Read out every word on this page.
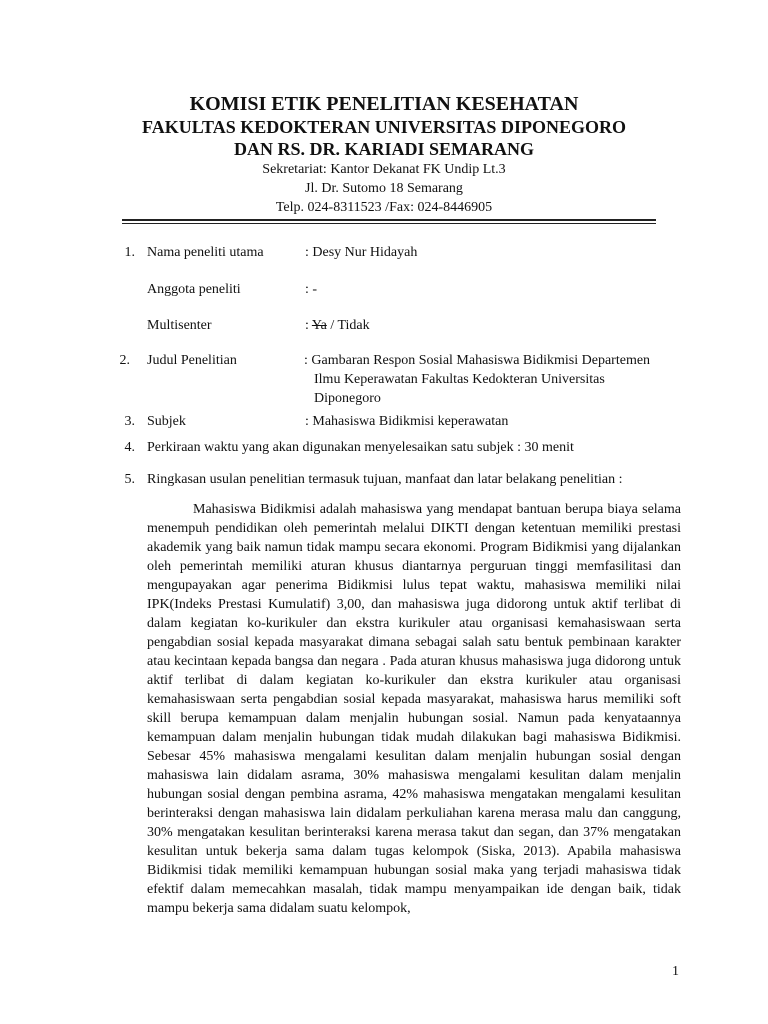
KOMISI ETIK PENELITIAN KESEHATAN
FAKULTAS KEDOKTERAN UNIVERSITAS DIPONEGORO
DAN RS. DR. KARIADI SEMARANG
Sekretariat: Kantor Dekanat FK Undip Lt.3
Jl. Dr. Sutomo 18 Semarang
Telp. 024-8311523 /Fax: 024-8446905
1. Nama peneliti utama	: Desy Nur Hidayah
Anggota peneliti	: -
Multisenter	: Ya / Tidak
2. Judul Penelitian	: Gambaran Respon Sosial Mahasiswa Bidikmisi Departemen
Ilmu Keperawatan Fakultas Kedokteran Universitas
Diponegoro
3. Subjek	: Mahasiswa Bidikmisi keperawatan
4. Perkiraan waktu yang akan digunakan menyelesaikan satu subjek : 30 menit
5. Ringkasan usulan penelitian termasuk tujuan, manfaat dan latar belakang penelitian :
Mahasiswa Bidikmisi adalah mahasiswa yang mendapat bantuan berupa biaya selama menempuh pendidikan oleh pemerintah melalui DIKTI dengan ketentuan memiliki prestasi akademik yang baik namun tidak mampu secara ekonomi. Program Bidikmisi yang dijalankan oleh pemerintah memiliki aturan khusus diantarnya perguruan tinggi memfasilitasi dan mengupayakan agar penerima Bidikmisi lulus tepat waktu, mahasiswa memiliki nilai IPK(Indeks Prestasi Kumulatif) 3,00, dan mahasiswa juga didorong untuk aktif terlibat di dalam kegiatan ko-kurikuler dan ekstra kurikuler atau organisasi kemahasiswaan serta pengabdian sosial kepada masyarakat dimana sebagai salah satu bentuk pembinaan karakter atau kecintaan kepada bangsa dan negara . Pada aturan khusus mahasiswa juga didorong untuk aktif terlibat di dalam kegiatan ko-kurikuler dan ekstra kurikuler atau organisasi kemahasiswaan serta pengabdian sosial kepada masyarakat, mahasiswa harus memiliki soft skill berupa kemampuan dalam menjalin hubungan sosial. Namun pada kenyataannya kemampuan dalam menjalin hubungan tidak mudah dilakukan bagi mahasiswa Bidikmisi. Sebesar 45% mahasiswa mengalami kesulitan dalam menjalin hubungan sosial dengan mahasiswa lain didalam asrama, 30% mahasiswa mengalami kesulitan dalam menjalin hubungan sosial dengan pembina asrama, 42% mahasiswa mengatakan mengalami kesulitan berinteraksi dengan mahasiswa lain didalam perkuliahan karena merasa malu dan canggung, 30% mengatakan kesulitan berinteraksi karena merasa takut dan segan, dan 37% mengatakan kesulitan untuk bekerja sama dalam tugas kelompok (Siska, 2013). Apabila mahasiswa Bidikmisi tidak memiliki kemampuan hubungan sosial maka yang terjadi mahasiswa tidak efektif dalam memecahkan masalah, tidak mampu menyampaikan ide dengan baik, tidak mampu bekerja sama didalam suatu kelompok,
1
